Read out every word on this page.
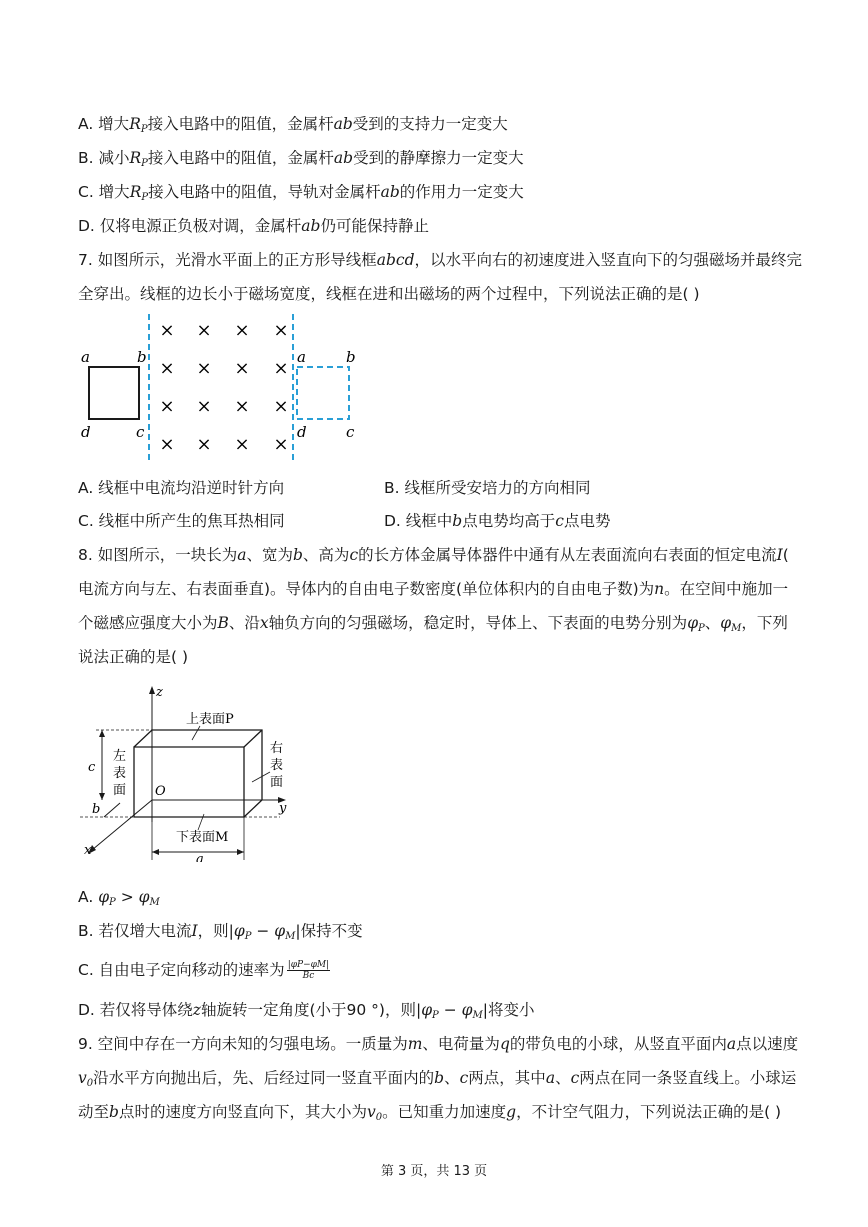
A. 增大$R_P$接入电路中的阻值，金属杆ab受到的支持力一定变大
B. 减小$R_P$接入电路中的阻值，金属杆ab受到的静摩擦力一定变大
C. 增大$R_P$接入电路中的阻值，导轨对金属杆ab的作用力一定变大
D. 仅将电源正负极对调，金属杆ab仍可能保持静止
7. 如图所示，光滑水平面上的正方形导线框abcd，以水平向右的初速度进入竖直向下的匀强磁场并最终完
全穿出。线框的边长小于磁场宽度，线框在进和出磁场的两个过程中，下列说法正确的是( )
a	b
d	c
× × × ×
× × × ×
× × × ×
× × × ×
a	b
d	c
A. 线框中电流均沿逆时针方向	B. 线框所受安培力的方向相同
C. 线框中所产生的焦耳热相同	D. 线框中b点电势均高于c点电势
8. 如图所示，一块长为a、宽为b、高为c的长方体金属导体器件中通有从左表面流向右表面的恒定电流I(
电流方向与左、右表面垂直)。导体内的自由电子数密度(单位体积内的自由电子数)为n。在空间中施加一
个磁感应强度大小为B、沿x轴负方向的匀强磁场，稳定时，导体上、下表面的电势分别为$\varphi_P$、$\varphi_M$，下列
说法正确的是( )
z
y
x
O
c
b
a
上表面P
下表面M
左
表
面
右
表
面
A. $\varphi_P > \varphi_M$
B. 若仅增大电流I，则$|\varphi_P - \varphi_M|$保持不变
C. 自由电子定向移动的速率为 $\frac{|\varphi P-\varphi M|}{Bc}$
D. 若仅将导体绕z轴旋转一定角度(小于90 °)，则$|\varphi_P - \varphi_M|$将变小
9. 空间中存在一方向未知的匀强电场。一质量为m、电荷量为q的带负电的小球，从竖直平面内a点以速度
$v_0$沿水平方向抛出后，先、后经过同一竖直平面内的b、c两点，其中a、c两点在同一条竖直线上。小球运
动至b点时的速度方向竖直向下，其大小为$v_0$。已知重力加速度g，不计空气阻力，下列说法正确的是( )
第 3 页，共 13 页
